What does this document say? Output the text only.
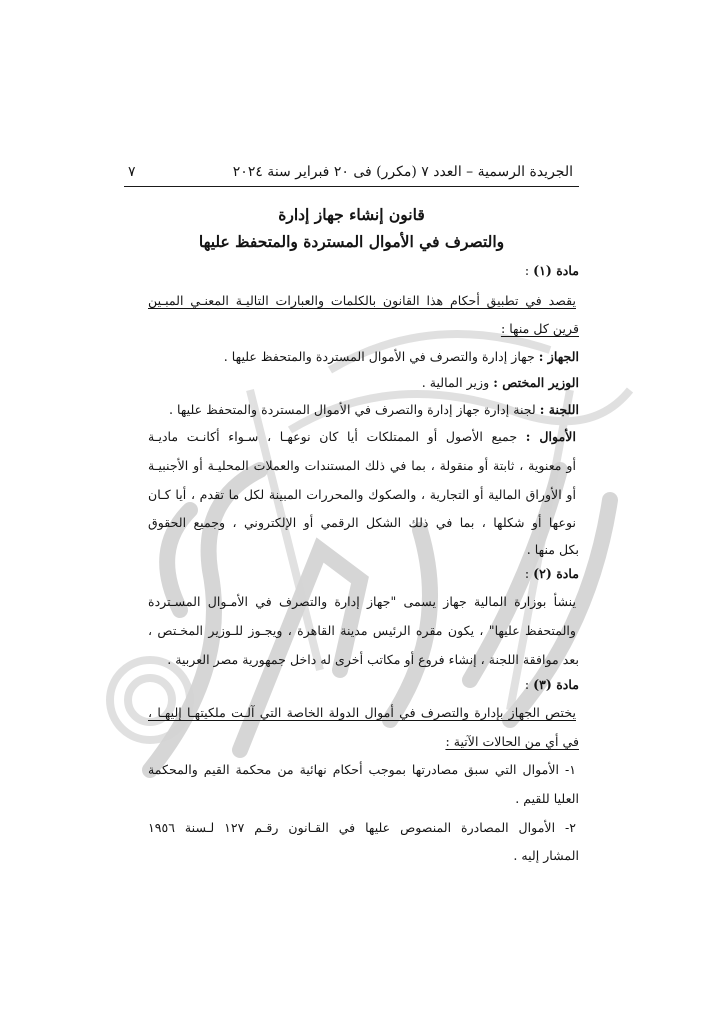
الجريدة الرسمية – العدد ٧ (مكرر) فى ٢٠ فبراير سنة ٢٠٢٤
٧
قانون إنشاء جهاز إدارة
والتصرف في الأموال المستردة والمتحفظ عليها
مادة (١) :
يقصد في تطبيق أحكام هذا القانون بالكلمات والعبارات التاليـة المعنـي المبـين
قرين كل منها :
الجهاز : جهاز إدارة والتصرف في الأموال المستردة والمتحفظ عليها .
الوزير المختص : وزير المالية .
اللجنة : لجنة إدارة جهاز إدارة والتصرف في الأموال المستردة والمتحفظ عليها .
الأموال : جميع الأصول أو الممتلكات أيا كان نوعهـا ، سـواء أكانـت ماديـة
أو معنوية ، ثابتة أو منقولة ، بما في ذلك المستندات والعملات المحليـة أو الأجنبيـة
أو الأوراق المالية أو التجارية ، والصكوك والمحررات المبينة لكل ما تقدم ، أيا كـان
نوعها أو شكلها ، بما في ذلك الشكل الرقمي أو الإلكتروني ، وجميع الحقوق
بكل منها .
مادة (٢) :
ينشأ بوزارة المالية جهاز يسمى "جهاز إدارة والتصرف في الأمـوال المسـتردة
والمتحفظ عليها" ، يكون مقره الرئيس مدينة القاهرة ، ويجـوز للـوزير المخـتص ،
بعد موافقة اللجنة ، إنشاء فروع أو مكاتب أخرى له داخل جمهورية مصر العربية .
مادة (٣) :
يختص الجهاز بإدارة والتصرف في أموال الدولة الخاصة التي آلـت ملكيتهـا إليهـا ،
في أي من الحالات الآتية :
١- الأموال التي سبق مصادرتها بموجب أحكام نهائية من محكمة القيم والمحكمة
العليا للقيم .
٢- الأموال المصادرة المنصوص عليها في القـانون رقـم ١٢٧ لـسنة ١٩٥٦
المشار إليه .
